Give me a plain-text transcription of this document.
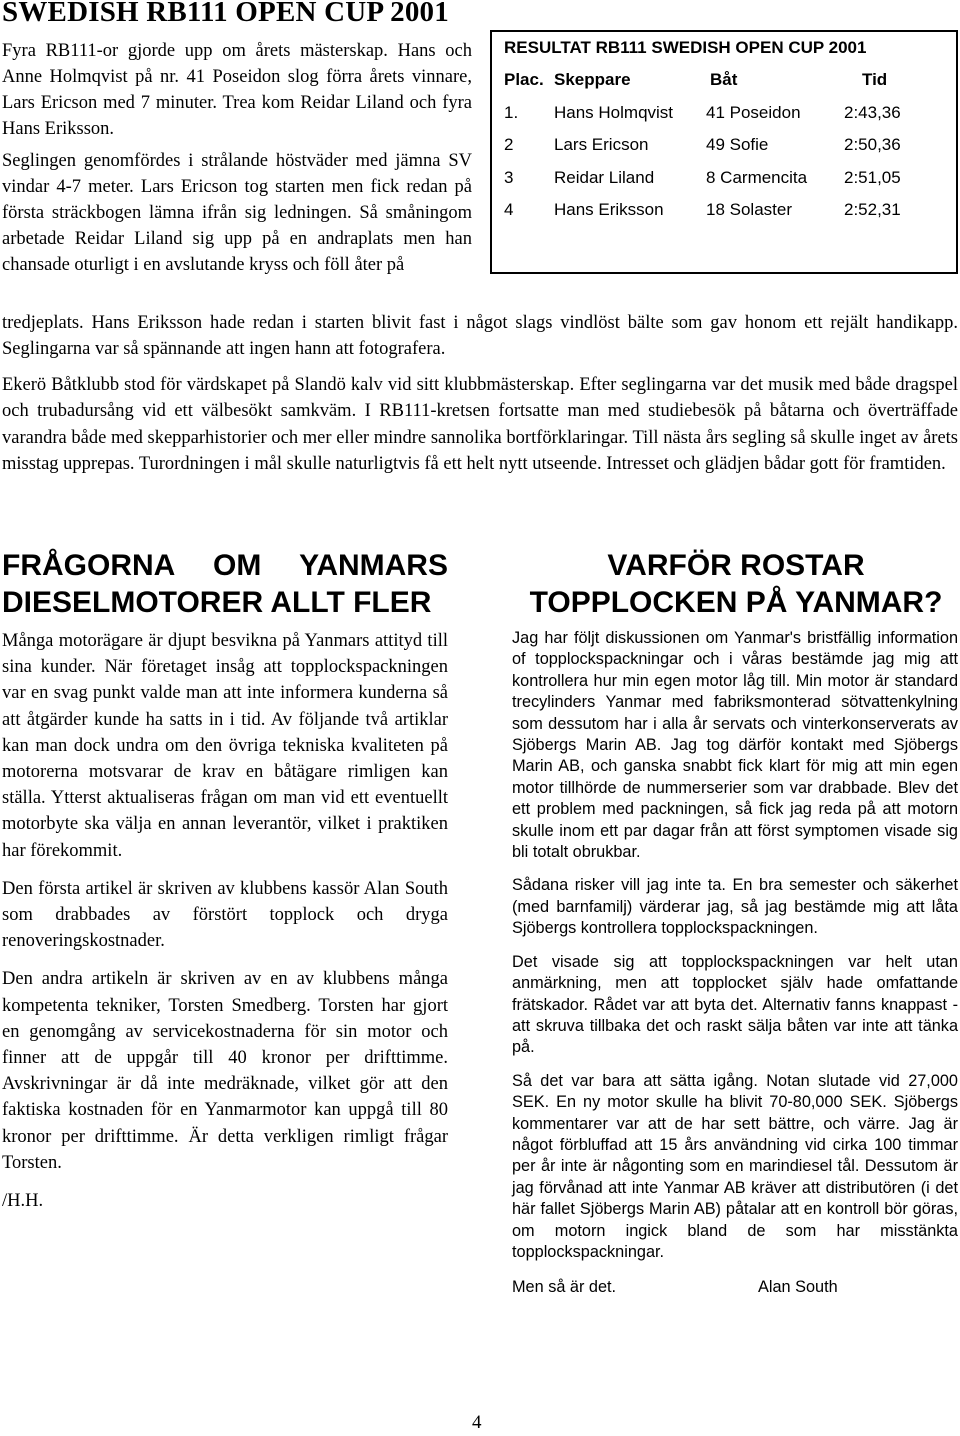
SWEDISH RB111 OPEN CUP 2001
RESULTAT RB111 SWEDISH OPEN CUP 2001
Plac. Skeppare	Båt	Tid
1. Hans Holmqvist 41 Poseidon	2:43,36
2 Lars Ericson	49 Sofie	2:50,36
3 Reidar Liland	8 Carmencita 2:51,05
4 Hans Eriksson 18 Solaster	2:52,31

Fyra RB111-or gjorde upp om årets mästerskap. Hans och Anne Holmqvist på nr. 41 Poseidon slog förra årets vinnare, Lars Ericson med 7 minuter. Trea kom Reidar Liland och fyra Hans Eriksson.

Seglingen genomfördes i strålande höstväder med jämna SV vindar 4-7 meter. Lars Ericson tog starten men fick redan på första sträckbogen lämna ifrån sig ledningen. Så småningom arbetade Reidar Liland sig upp på en andraplats men han chansade oturligt i en avslutande kryss och föll åter på

tredjeplats. Hans Eriksson hade redan i starten blivit fast i något slags vindlöst bälte som gav honom ett rejält handikapp. Seglingarna var så spännande att ingen hann att fotografera.

Ekerö Båtklubb stod för värdskapet på Slandö kalv vid sitt klubbmästerskap. Efter seglingarna var det musik med både dragspel och trubadursång vid ett välbesökt samkväm. I RB111-kretsen fortsatte man med studiebesök på båtarna och överträffade varandra både med skepparhistorier och mer eller mindre sannolika bortförklaringar. Till nästa års segling så skulle inget av årets misstag upprepas. Turordningen i mål skulle naturligtvis få ett helt nytt utseende. Intresset och glädjen bådar gott för framtiden.

FRÅGORNA OM YANMARS
DIESELMOTORER ALLT FLER
VARFÖR ROSTAR
TOPPLOCKEN PÅ YANMAR?

Många motorägare är djupt besvikna på Yanmars attityd till sina kunder. När företaget insåg att topplockspackningen var en svag punkt valde man att inte informera kunderna så att åtgärder kunde ha satts in i tid. Av följande två artiklar kan man dock undra om den övriga tekniska kvaliteten på motorerna motsvarar de krav en båtägare rimligen kan ställa. Ytterst aktualiseras frågan om man vid ett eventuellt motorbyte ska välja en annan leverantör, vilket i praktiken har förekommit.

Den första artikel är skriven av klubbens kassör Alan South som drabbades av förstört topplock och dryga renoveringskostnader.

Den andra artikeln är skriven av en av klubbens många kompetenta tekniker, Torsten Smedberg. Torsten har gjort en genomgång av servicekostnaderna för sin motor och finner att de uppgår till 40 kronor per drifttimme. Avskrivningar är då inte medräknade, vilket gör att den faktiska kostnaden för en Yanmarmotor kan uppgå till 80 kronor per drifttimme. Är detta verkligen rimligt frågar Torsten.

/H.H.

Jag har följt diskussionen om Yanmar's bristfällig information of topplockspackningar och i våras bestämde jag mig att kontrollera hur min egen motor låg till. Min motor är standard trecylinders Yanmar med fabriksmonterad sötvattenkylning som dessutom har i alla år servats och vinterkonserverats av Sjöbergs Marin AB. Jag tog därför kontakt med Sjöbergs Marin AB, och ganska snabbt fick klart för mig att min egen motor tillhörde de nummerserier som var drabbade. Blev det ett problem med packningen, så fick jag reda på att motorn skulle inom ett par dagar från att först symptomen visade sig bli totalt obrukbar.

Sådana risker vill jag inte ta. En bra semester och säkerhet (med barnfamilj) värderar jag, så jag bestämde mig att låta Sjöbergs kontrollera topplockspackningen.

Det visade sig att topplockspackningen var helt utan anmärkning, men att topplocket själv hade omfattande frätskador. Rådet var att byta det. Alternativ fanns knappast - att skruva tillbaka det och raskt sälja båten var inte att tänka på.

Så det var bara att sätta igång. Notan slutade vid 27,000 SEK. En ny motor skulle ha blivit 70-80,000 SEK. Sjöbergs kommentarer var att de har sett bättre, och värre. Jag är något förbluffad att 15 års användning vid cirka 100 timmar per år inte är någonting som en marindiesel tål. Dessutom är jag förvånad att inte Yanmar AB kräver att distributören (i det här fallet Sjöbergs Marin AB) påtalar att en kontroll bör göras, om motorn ingick bland de som har misstänkta topplockspackningar.

Men så är det.	Alan South
4
